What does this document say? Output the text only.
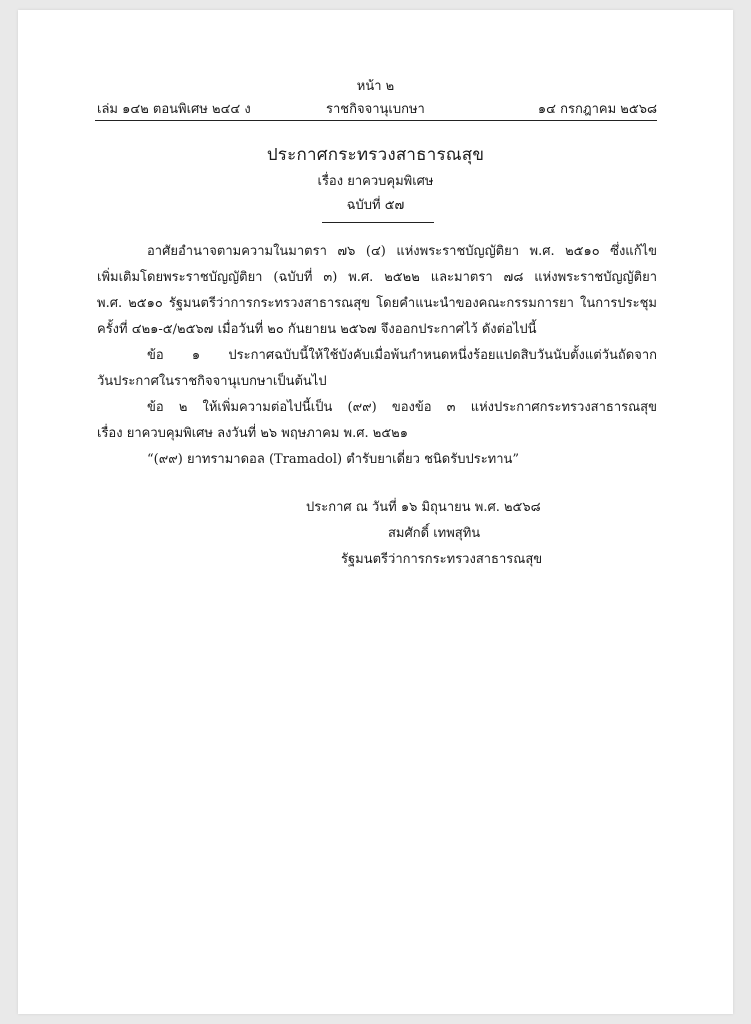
หน้า ๒
เล่ม ๑๔๒ ตอนพิเศษ ๒๔๔ ง	ราชกิจจานุเบกษา	๑๔ กรกฎาคม ๒๕๖๘
ประกาศกระทรวงสาธารณสุข
เรื่อง ยาควบคุมพิเศษ
ฉบับที่ ๕๗
อาศัยอำนาจตามความในมาตรา ๗๖ (๔) แห่งพระราชบัญญัติยา พ.ศ. ๒๕๑๐ ซึ่งแก้ไข
เพิ่มเติมโดยพระราชบัญญัติยา (ฉบับที่ ๓) พ.ศ. ๒๕๒๒ และมาตรา ๗๘ แห่งพระราชบัญญัติยา
พ.ศ. ๒๕๑๐ รัฐมนตรีว่าการกระทรวงสาธารณสุข โดยคำแนะนำของคณะกรรมการยา ในการประชุม
ครั้งที่ ๔๒๑-๕/๒๕๖๗ เมื่อวันที่ ๒๐ กันยายน ๒๕๖๗ จึงออกประกาศไว้ ดังต่อไปนี้
ข้อ ๑ ประกาศฉบับนี้ให้ใช้บังคับเมื่อพ้นกำหนดหนึ่งร้อยแปดสิบวันนับตั้งแต่วันถัดจาก
วันประกาศในราชกิจจานุเบกษาเป็นต้นไป
ข้อ ๒ ให้เพิ่มความต่อไปนี้เป็น (๙๙) ของข้อ ๓ แห่งประกาศกระทรวงสาธารณสุข
เรื่อง ยาควบคุมพิเศษ ลงวันที่ ๒๖ พฤษภาคม พ.ศ. ๒๕๒๑
“(๙๙) ยาทรามาดอล (Tramadol) ตำรับยาเดี่ยว ชนิดรับประทาน”
ประกาศ ณ วันที่ ๑๖ มิถุนายน พ.ศ. ๒๕๖๘
สมศักดิ์ เทพสุทิน
รัฐมนตรีว่าการกระทรวงสาธารณสุข
